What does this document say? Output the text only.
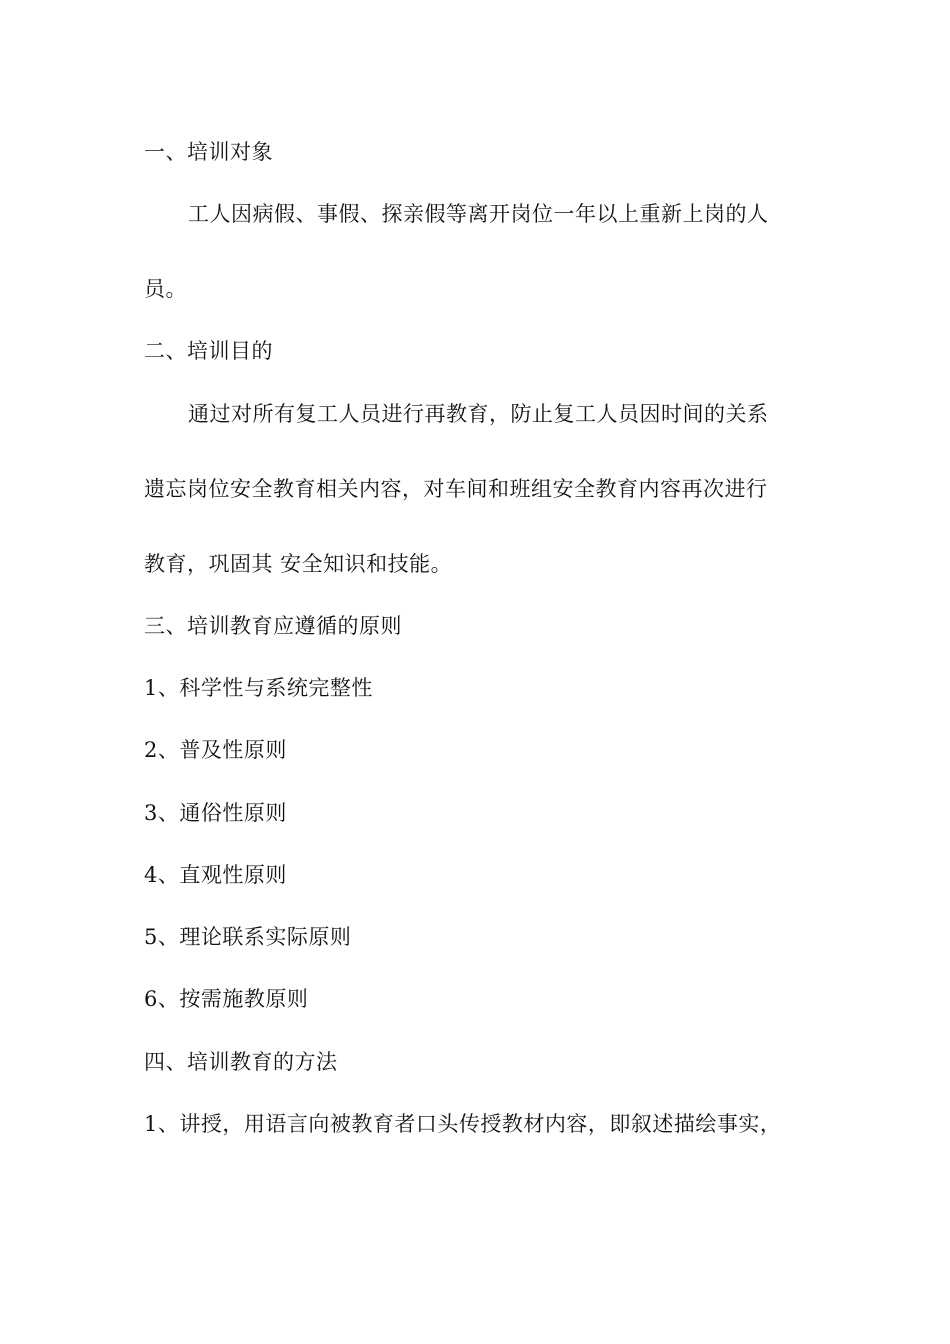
一、培训对象
工人因病假、事假、探亲假等离开岗位一年以上重新上岗的人
员。
二、培训目的
通过对所有复工人员进行再教育，防止复工人员因时间的关系
遗忘岗位安全教育相关内容，对车间和班组安全教育内容再次进行
教育，巩固其 安全知识和技能。
三、培训教育应遵循的原则
1、科学性与系统完整性
2、普及性原则
3、通俗性原则
4、直观性原则
5、理论联系实际原则
6、按需施教原则
四、培训教育的方法
1、讲授，用语言向被教育者口头传授教材内容，即叙述描绘事实，
